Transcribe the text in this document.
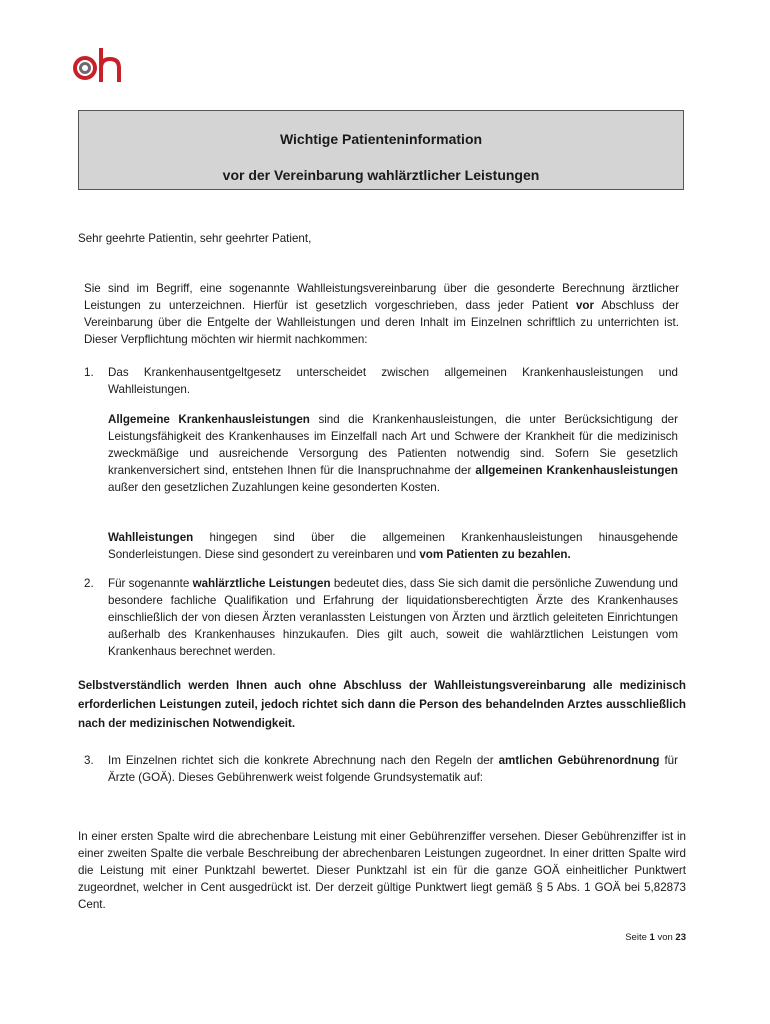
Wichtige Patienteninformation
vor der Vereinbarung wahlärztlicher Leistungen
Sehr geehrte Patientin, sehr geehrter Patient,
Sie sind im Begriff, eine sogenannte Wahlleistungsvereinbarung über die gesonderte Berechnung ärztlicher Leistungen zu unterzeichnen. Hierfür ist gesetzlich vorgeschrieben, dass jeder Patient vor Abschluss der Vereinbarung über die Entgelte der Wahlleistungen und deren Inhalt im Einzelnen schriftlich zu unterrichten ist. Dieser Verpflichtung möchten wir hiermit nachkommen:
1. Das Krankenhausentgeltgesetz unterscheidet zwischen allgemeinen Krankenhausleistungen und Wahlleistungen.
Allgemeine Krankenhausleistungen sind die Krankenhausleistungen, die unter Berücksichtigung der Leistungsfähigkeit des Krankenhauses im Einzelfall nach Art und Schwere der Krankheit für die medizinisch zweckmäßige und ausreichende Versorgung des Patienten notwendig sind. Sofern Sie gesetzlich krankenversichert sind, entstehen Ihnen für die Inanspruchnahme der allgemeinen Krankenhausleistungen außer den gesetzlichen Zuzahlungen keine gesonderten Kosten.
Wahlleistungen hingegen sind über die allgemeinen Krankenhausleistungen hinausgehende Sonderleistungen. Diese sind gesondert zu vereinbaren und vom Patienten zu bezahlen.
2. Für sogenannte wahlärztliche Leistungen bedeutet dies, dass Sie sich damit die persönliche Zuwendung und besondere fachliche Qualifikation und Erfahrung der liquidationsberechtigten Ärzte des Krankenhauses einschließlich der von diesen Ärzten veranlassten Leistungen von Ärzten und ärztlich geleiteten Einrichtungen außerhalb des Krankenhauses hinzukaufen. Dies gilt auch, soweit die wahlärztlichen Leistungen vom Krankenhaus berechnet werden.
Selbstverständlich werden Ihnen auch ohne Abschluss der Wahlleistungsvereinbarung alle medizinisch erforderlichen Leistungen zuteil, jedoch richtet sich dann die Person des behandelnden Arztes ausschließlich nach der medizinischen Notwendigkeit.
3. Im Einzelnen richtet sich die konkrete Abrechnung nach den Regeln der amtlichen Gebührenordnung für Ärzte (GOÄ). Dieses Gebührenwerk weist folgende Grundsystematik auf:
In einer ersten Spalte wird die abrechenbare Leistung mit einer Gebührenziffer versehen. Dieser Gebührenziffer ist in einer zweiten Spalte die verbale Beschreibung der abrechenbaren Leistungen zugeordnet. In einer dritten Spalte wird die Leistung mit einer Punktzahl bewertet. Dieser Punktzahl ist ein für die ganze GOÄ einheitlicher Punktwert zugeordnet, welcher in Cent ausgedrückt ist. Der derzeit gültige Punktwert liegt gemäß § 5 Abs. 1 GOÄ bei 5,82873 Cent.
Seite 1 von 23
